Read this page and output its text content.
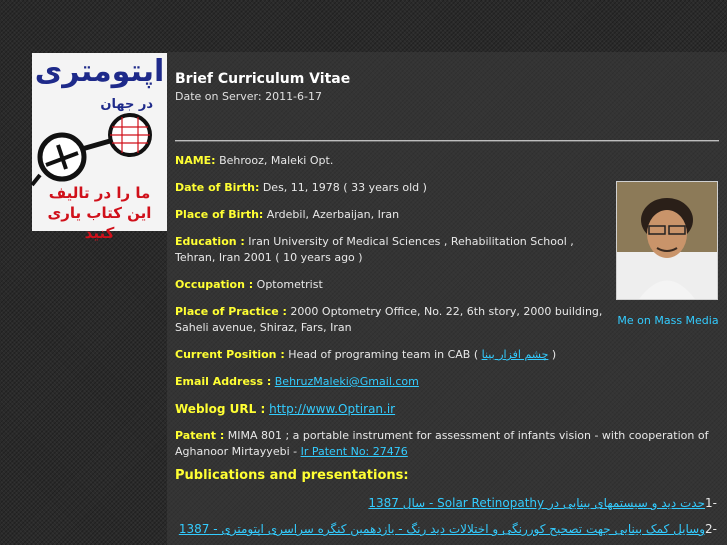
اپتومتری
در جهان
ما را در تالیف
این کتاب یاری کنید
Brief Curriculum Vitae
Date on Server: 2011-6-17
NAME: Behrooz, Maleki Opt.
Date of Birth: Des, 11, 1978 ( 33 years old )
Place of Birth: Ardebil, Azerbaijan, Iran
Education : Iran University of Medical Sciences , Rehabilitation School , Tehran, Iran 2001 ( 10 years ago )
Occupation : Optometrist
Place of Practice : 2000 Optometry Office, No. 22, 6th story, 2000 building, Saheli avenue, Shiraz, Fars, Iran
Current Position : Head of programing team in CAB ( چشم افزار بینا )
Email Address : BehruzMaleki@Gmail.com
Weblog URL : http://www.Optiran.ir
Patent : MIMA 801 ; a portable instrument for assessment of infants vision - with cooperation of Aghanoor Mirtayyebi - Ir Patent No: 27476
Publications and presentations:
حدت دید و سیستمهای بینایی در Solar Retinopathy - سال 13871-
وسایل کمک بینایی جهت تصحیح کوررنگی و اختلالات دید رنگ - یازدهمین کنگره سراسری اپتومتری - 13872-
Me on Mass Media
